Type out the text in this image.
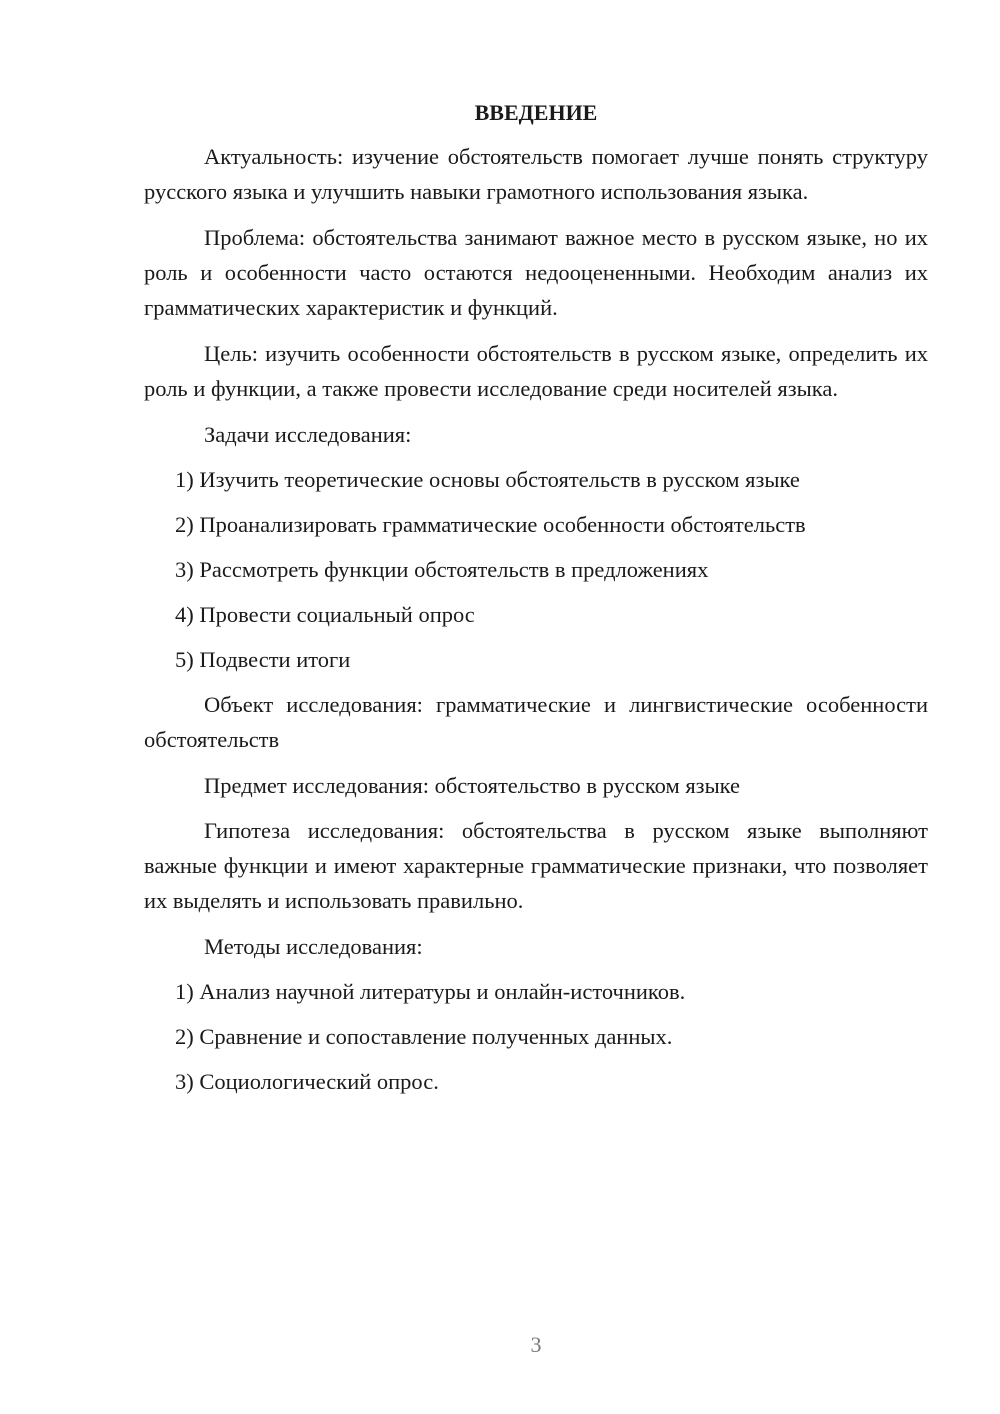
ВВЕДЕНИЕ

Актуальность: изучение обстоятельств помогает лучше понять структуру русского языка и улучшить навыки грамотного использования языка.

Проблема: обстоятельства занимают важное место в русском языке, но их роль и особенности часто остаются недооцененными. Необходим анализ их грамматических характеристик и функций.

Цель: изучить особенности обстоятельств в русском языке, определить их роль и функции, а также провести исследование среди носителей языка.

Задачи исследования:

1) Изучить теоретические основы обстоятельств в русском языке
2) Проанализировать грамматические особенности обстоятельств
3) Рассмотреть функции обстоятельств в предложениях
4) Провести социальный опрос
5) Подвести итоги

Объект исследования: грамматические и лингвистические особенности обстоятельств

Предмет исследования: обстоятельство в русском языке

Гипотеза исследования: обстоятельства в русском языке выполняют важные функции и имеют характерные грамматические признаки, что позволяет их выделять и использовать правильно.

Методы исследования:

1) Анализ научной литературы и онлайн-источников.
2) Сравнение и сопоставление полученных данных.
3) Социологический опрос.
3
